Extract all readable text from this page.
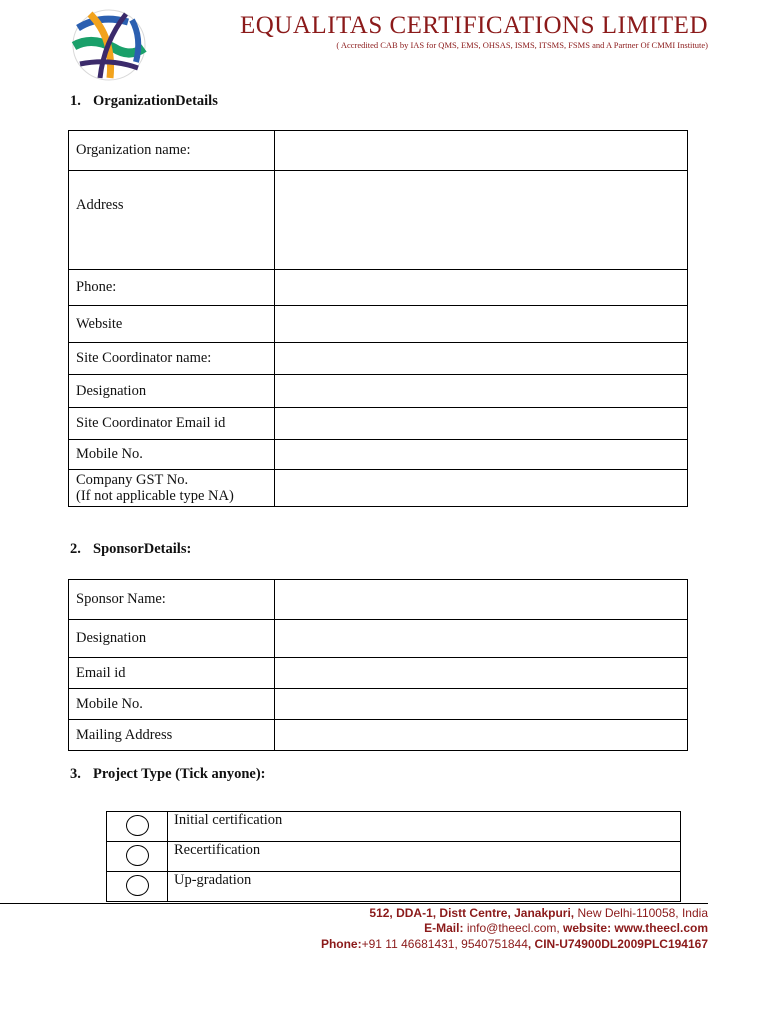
EQUALITAS CERTIFICATIONS LIMITED
( Accredited CAB by IAS for QMS, EMS, OHSAS, ISMS, ITSMS, FSMS and A Partner Of CMMI Institute)
1. OrganizationDetails
Organization name:	
Address	
Phone:	
Website	
Site Coordinator name:	
Designation	
Site Coordinator Email id	
Mobile No.	

Company GST No.
(If not applicable type NA)	

2. SponsorDetails:
Sponsor Name:	
Designation	
Email id	
Mobile No.	
Mailing Address	
3. Project Type (Tick anyone):
	Initial certification
	Recertification
	Up-gradation
512, DDA-1, Distt Centre, Janakpuri, New Delhi-110058, India
E-Mail: info@theecl.com, website: www.theecl.com
Phone:+91 11 46681431, 9540751844, CIN-U74900DL2009PLC194167
